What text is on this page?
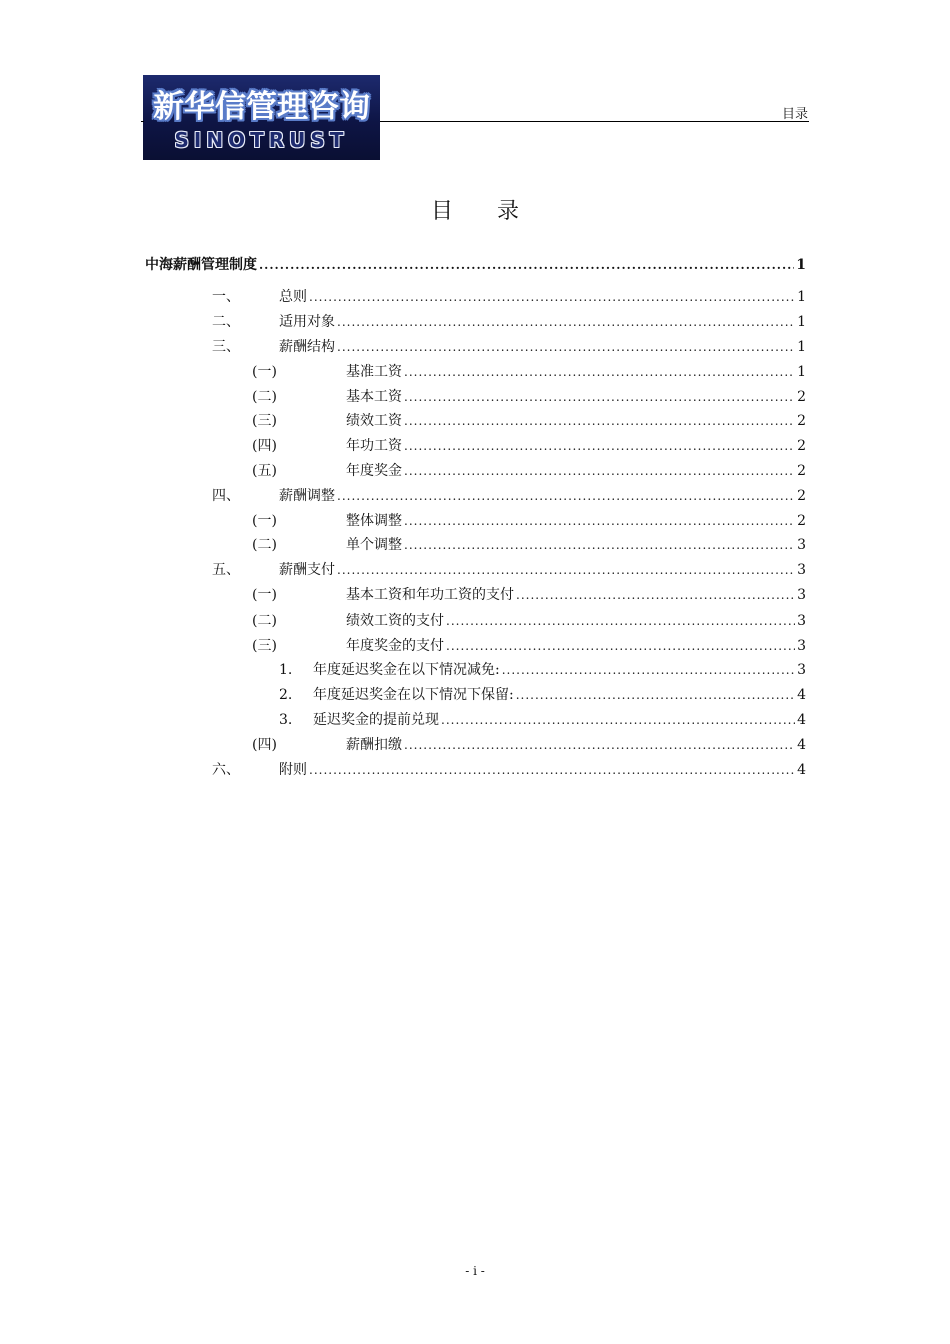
新华信管理咨询
SINOTRUST
目录
目 录
中海薪酬管理制度 .....	1
一、	总则 .....	1
二、	适用对象 .....	1
三、	薪酬结构 .....	1
(一)	基准工资 .....	1
(二)	基本工资 .....	2
(三)	绩效工资 .....	2
(四)	年功工资 .....	2
(五)	年度奖金 .....	2
四、	薪酬调整 .....	2
(一)	整体调整 .....	2
(二)	单个调整 .....	3
五、	薪酬支付 .....	3
(一)	基本工资和年功工资的支付 .....	3
(二)	绩效工资的支付 .....	3
(三)	年度奖金的支付 .....	3
1.	年度延迟奖金在以下情况减免: .....	3
2.	年度延迟奖金在以下情况下保留: .....	4
3.	延迟奖金的提前兑现 .....	4
(四)	薪酬扣缴 .....	4
六、	附则 .....	4
- i -
